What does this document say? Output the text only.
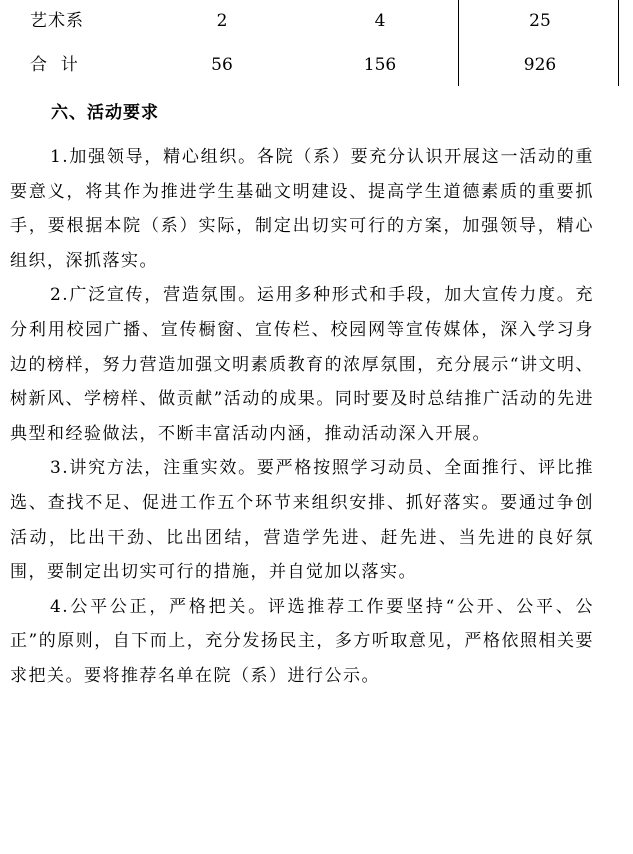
艺术系	2	4	25
合  计	56	156	926
六、活动要求

1.加强领导，精心组织。各院（系）要充分认识开展这一活动的重要意义，将其作为推进学生基础文明建设、提高学生道德素质的重要抓手，要根据本院（系）实际，制定出切实可行的方案，加强领导，精心组织，深抓落实。

2.广泛宣传，营造氛围。运用多种形式和手段，加大宣传力度。充分利用校园广播、宣传橱窗、宣传栏、校园网等宣传媒体，深入学习身边的榜样，努力营造加强文明素质教育的浓厚氛围，充分展示“讲文明、树新风、学榜样、做贡献”活动的成果。同时要及时总结推广活动的先进典型和经验做法，不断丰富活动内涵，推动活动深入开展。

3.讲究方法，注重实效。要严格按照学习动员、全面推行、评比推选、查找不足、促进工作五个环节来组织安排、抓好落实。要通过争创活动，比出干劲、比出团结，营造学先进、赶先进、当先进的良好氛围，要制定出切实可行的措施，并自觉加以落实。

4.公平公正，严格把关。评选推荐工作要坚持“公开、公平、公正”的原则，自下而上，充分发扬民主，多方听取意见，严格依照相关要求把关。要将推荐名单在院（系）进行公示。
